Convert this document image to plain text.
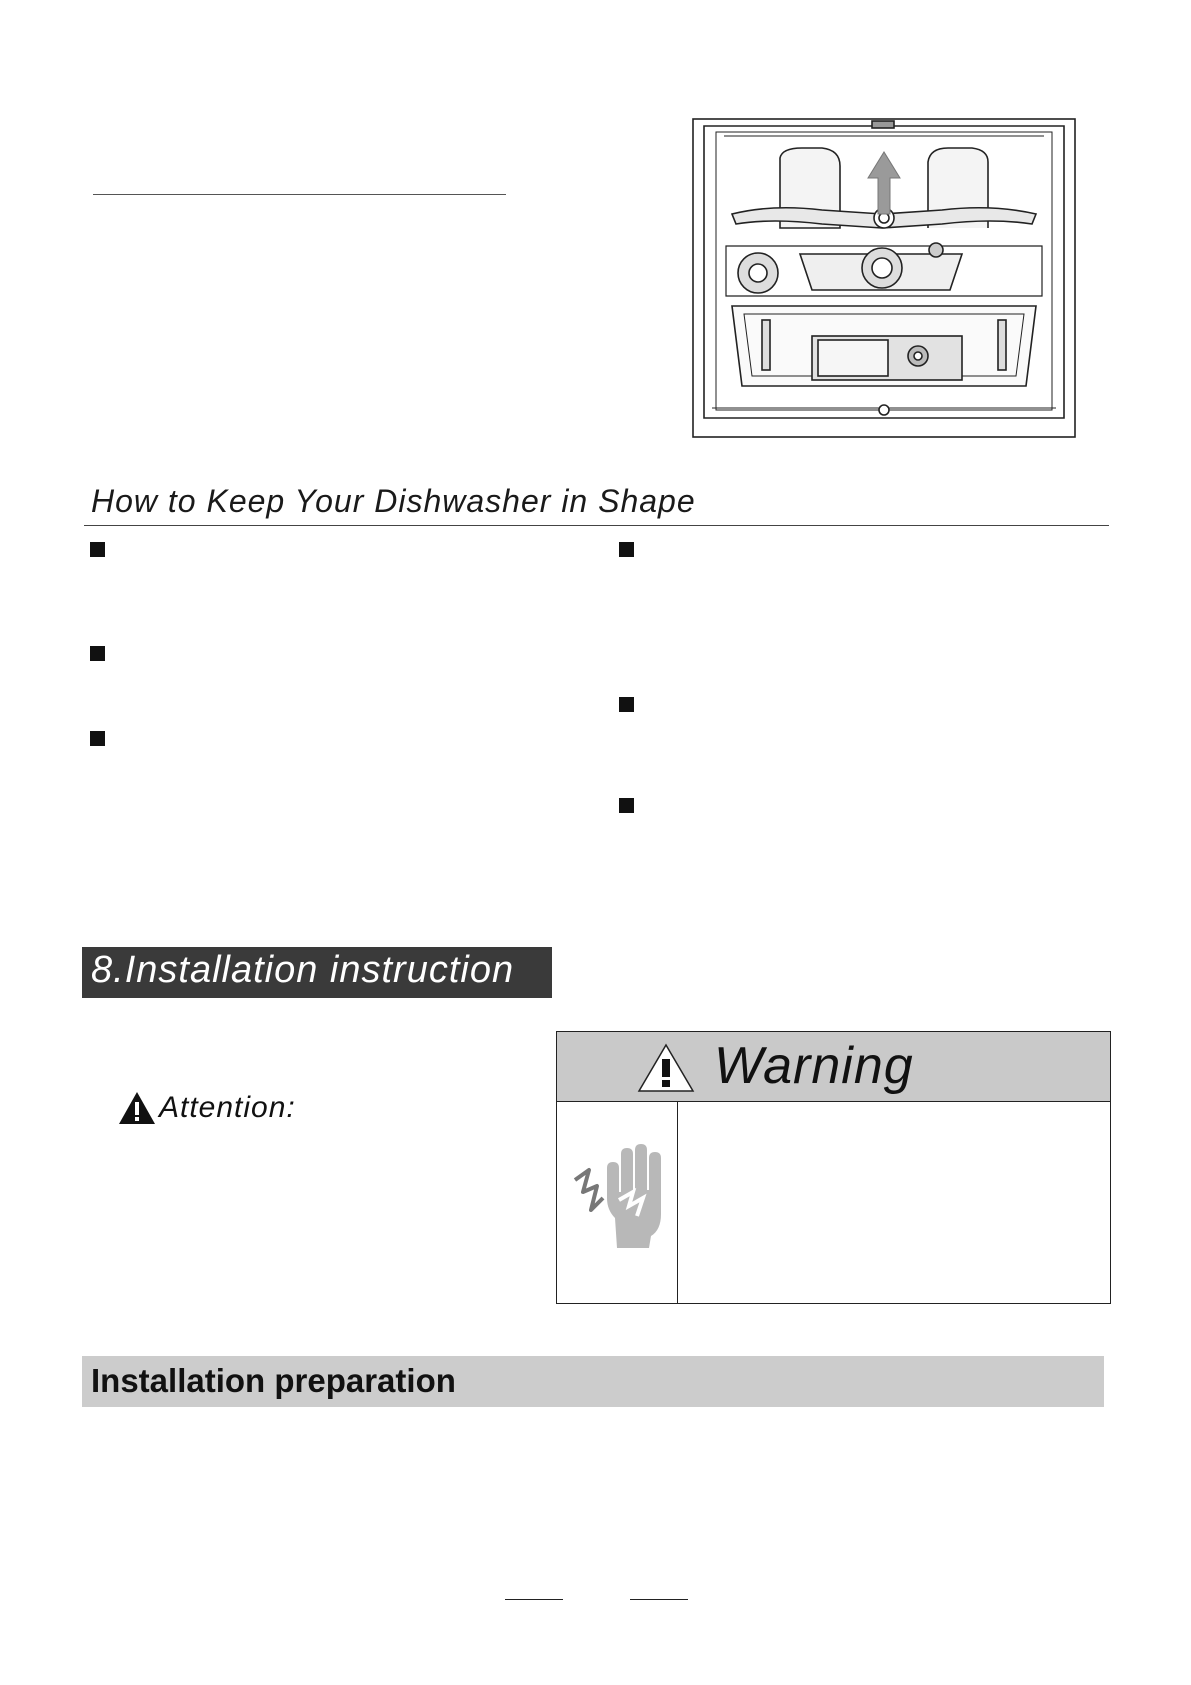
How to Keep Your Dishwasher in Shape
8.Installation instruction
Attention:
Warning
Installation preparation
